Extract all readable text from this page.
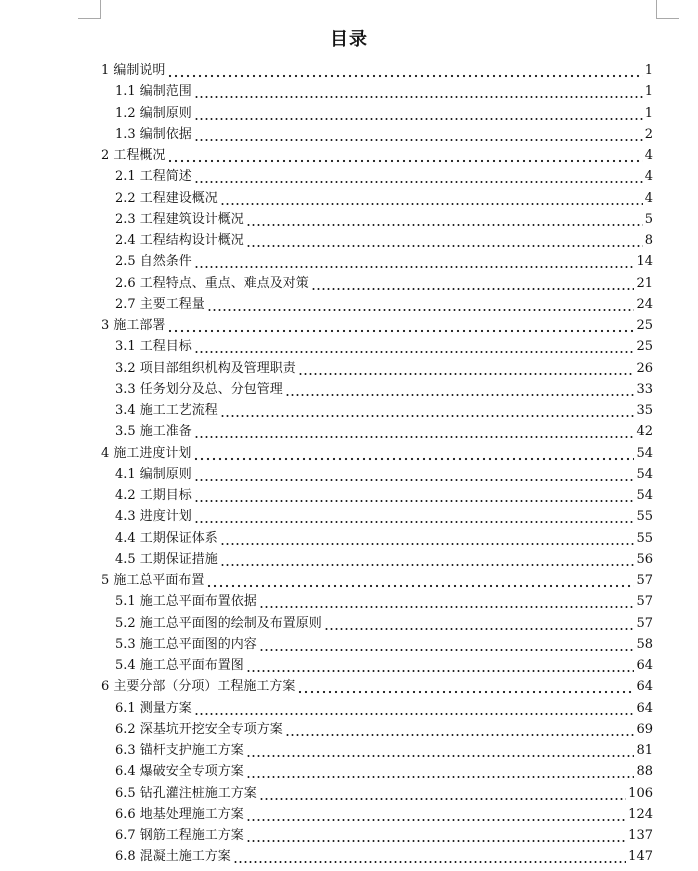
目录
1 编制说明	1
1.1 编制范围	1
1.2 编制原则	1
1.3 编制依据	2
2 工程概况	4
2.1 工程简述	4
2.2 工程建设概况	4
2.3 工程建筑设计概况	5
2.4 工程结构设计概况	8
2.5 自然条件	14
2.6 工程特点、重点、难点及对策	21
2.7 主要工程量	24
3 施工部署	25
3.1 工程目标	25
3.2 项目部组织机构及管理职责	26
3.3 任务划分及总、分包管理	33
3.4 施工工艺流程	35
3.5 施工准备	42
4 施工进度计划	54
4.1 编制原则	54
4.2 工期目标	54
4.3 进度计划	55
4.4 工期保证体系	55
4.5 工期保证措施	56
5 施工总平面布置	57
5.1 施工总平面布置依据	57
5.2 施工总平面图的绘制及布置原则	57
5.3 施工总平面图的内容	58
5.4 施工总平面布置图	64
6 主要分部（分项）工程施工方案	64
6.1 测量方案	64
6.2 深基坑开挖安全专项方案	69
6.3 锚杆支护施工方案	81
6.4 爆破安全专项方案	88
6.5 钻孔灌注桩施工方案	106
6.6 地基处理施工方案	124
6.7 钢筋工程施工方案	137
6.8 混凝土施工方案	147
